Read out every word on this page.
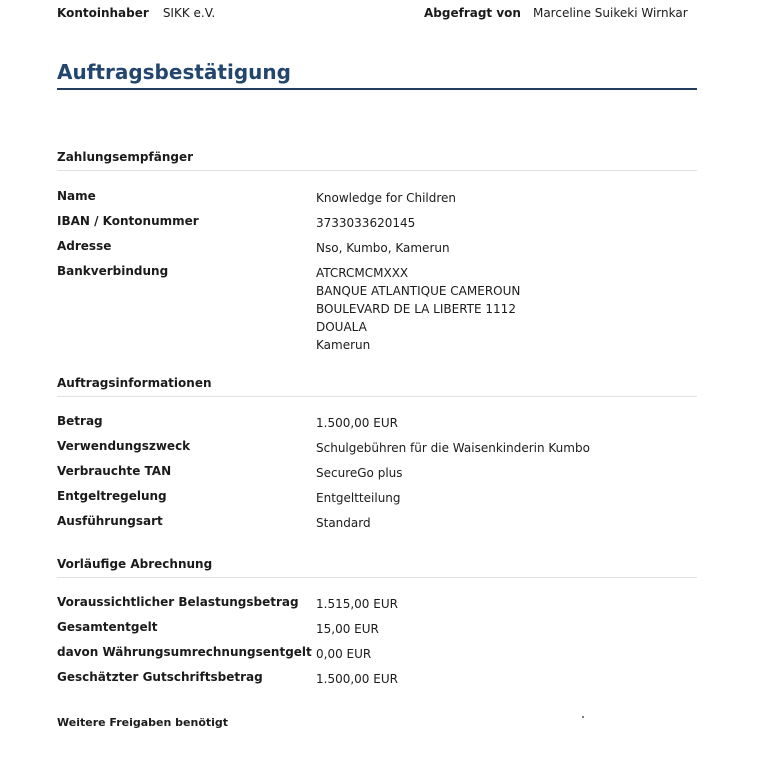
Kontoinhaber SIKK e.V.	Abgefragt von Marceline Suikeki Wirnkar
Auftragsbestätigung
Zahlungsempfänger
Name	Knowledge for Children
IBAN / Kontonummer	3733033620145
Adresse	Nso, Kumbo, Kamerun
Bankverbindung	ATCRCMCMXXX
BANQUE ATLANTIQUE CAMEROUN
BOULEVARD DE LA LIBERTE 1112
DOUALA
Kamerun
Auftragsinformationen
Betrag	1.500,00 EUR
Verwendungszweck	Schulgebühren für die Waisenkinderin Kumbo
Verbrauchte TAN	SecureGo plus
Entgeltregelung	Entgeltteilung
Ausführungsart	Standard
Vorläufige Abrechnung
Voraussichtlicher Belastungsbetrag 1.515,00 EUR
Gesamtentgelt	15,00 EUR
davon Währungsumrechnungsentgelt 0,00 EUR
Geschätzter Gutschriftsbetrag	1.500,00 EUR
Weitere Freigaben benötigt
